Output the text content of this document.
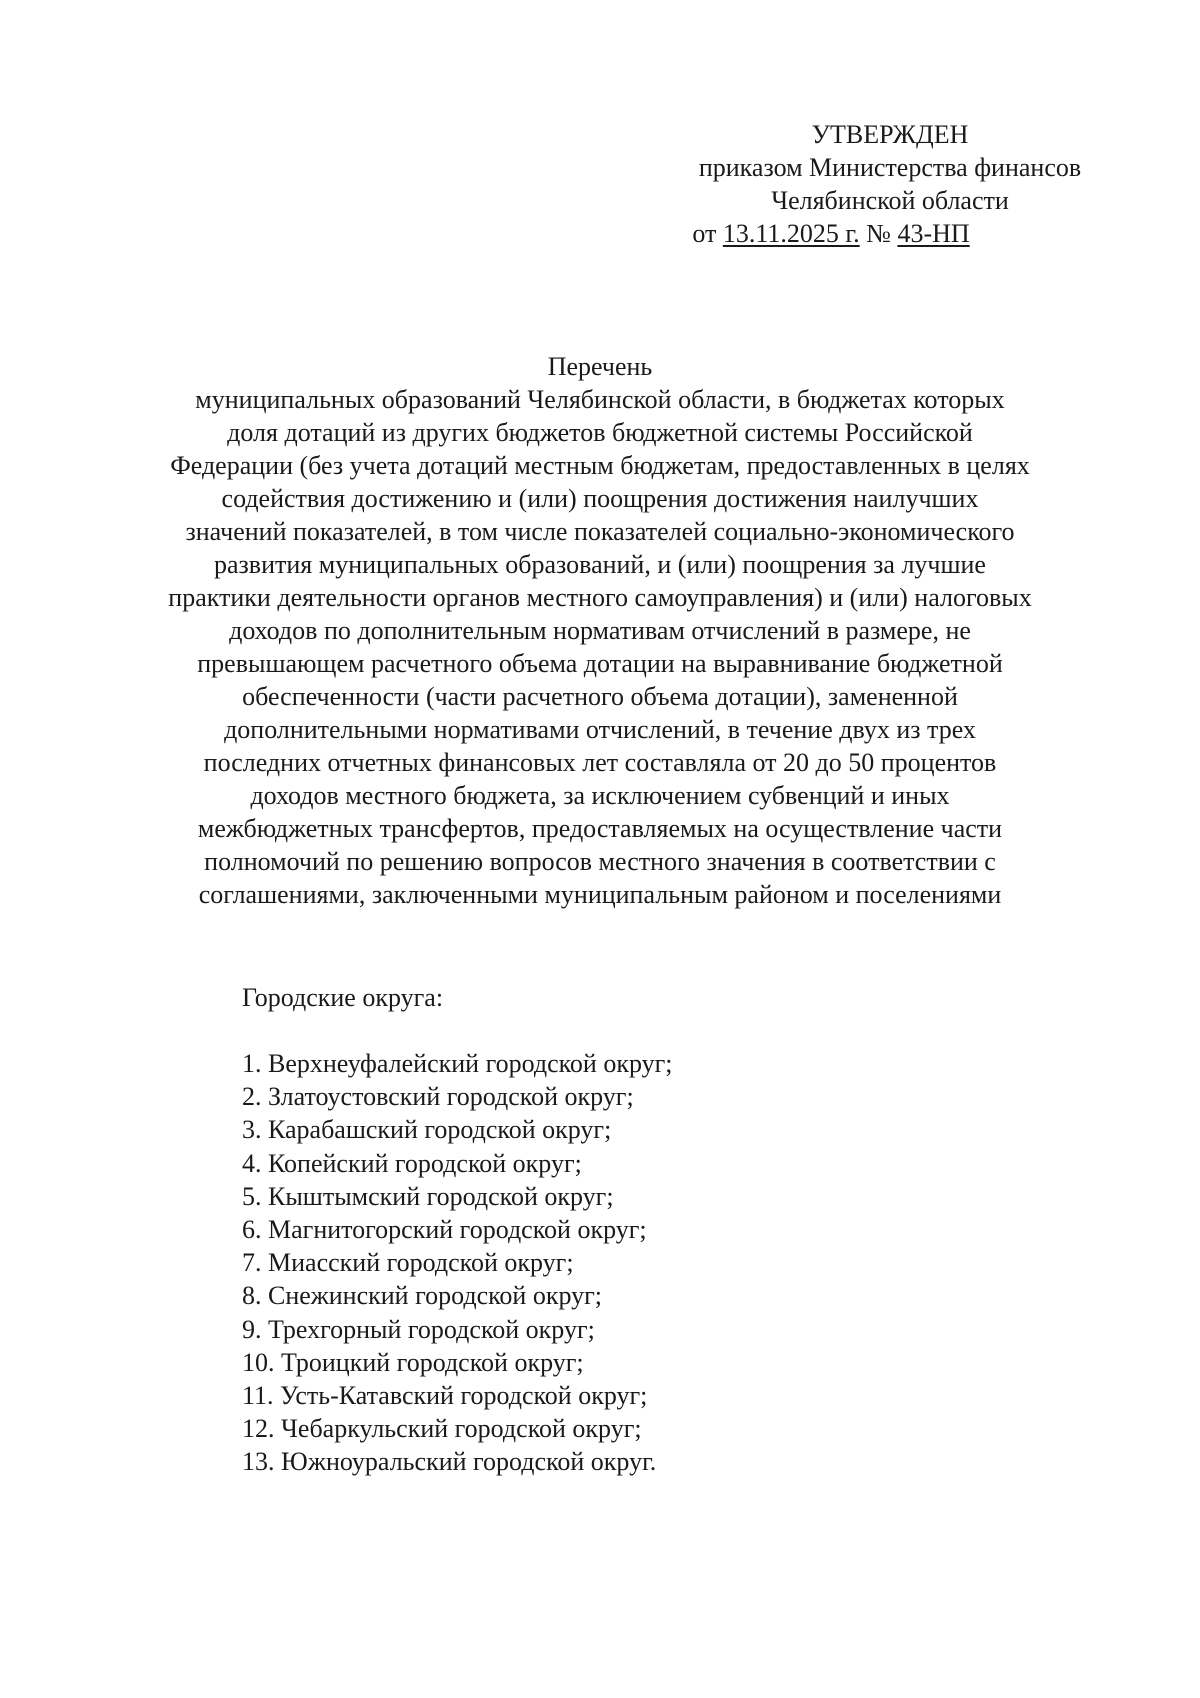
УТВЕРЖДЕН
приказом Министерства финансов
Челябинской области
от 13.11.2025 г. № 43-НП
Перечень
муниципальных образований Челябинской области, в бюджетах которых
доля дотаций из других бюджетов бюджетной системы Российской
Федерации (без учета дотаций местным бюджетам, предоставленных в целях
содействия достижению и (или) поощрения достижения наилучших
значений показателей, в том числе показателей социально-экономического
развития муниципальных образований, и (или) поощрения за лучшие
практики деятельности органов местного самоуправления) и (или) налоговых
доходов по дополнительным нормативам отчислений в размере, не
превышающем расчетного объема дотации на выравнивание бюджетной
обеспеченности (части расчетного объема дотации), замененной
дополнительными нормативами отчислений, в течение двух из трех
последних отчетных финансовых лет составляла от 20 до 50 процентов
доходов местного бюджета, за исключением субвенций и иных
межбюджетных трансфертов, предоставляемых на осуществление части
полномочий по решению вопросов местного значения в соответствии с
соглашениями, заключенными муниципальным районом и поселениями
Городские округа:
1. Верхнеуфалейский городской округ;
2. Златоустовский городской округ;
3. Карабашский городской округ;
4. Копейский городской округ;
5. Кыштымский городской округ;
6. Магнитогорский городской округ;
7. Миасский городской округ;
8. Снежинский городской округ;
9. Трехгорный городской округ;
10. Троицкий городской округ;
11. Усть-Катавский городской округ;
12. Чебаркульский городской округ;
13. Южноуральский городской округ.
